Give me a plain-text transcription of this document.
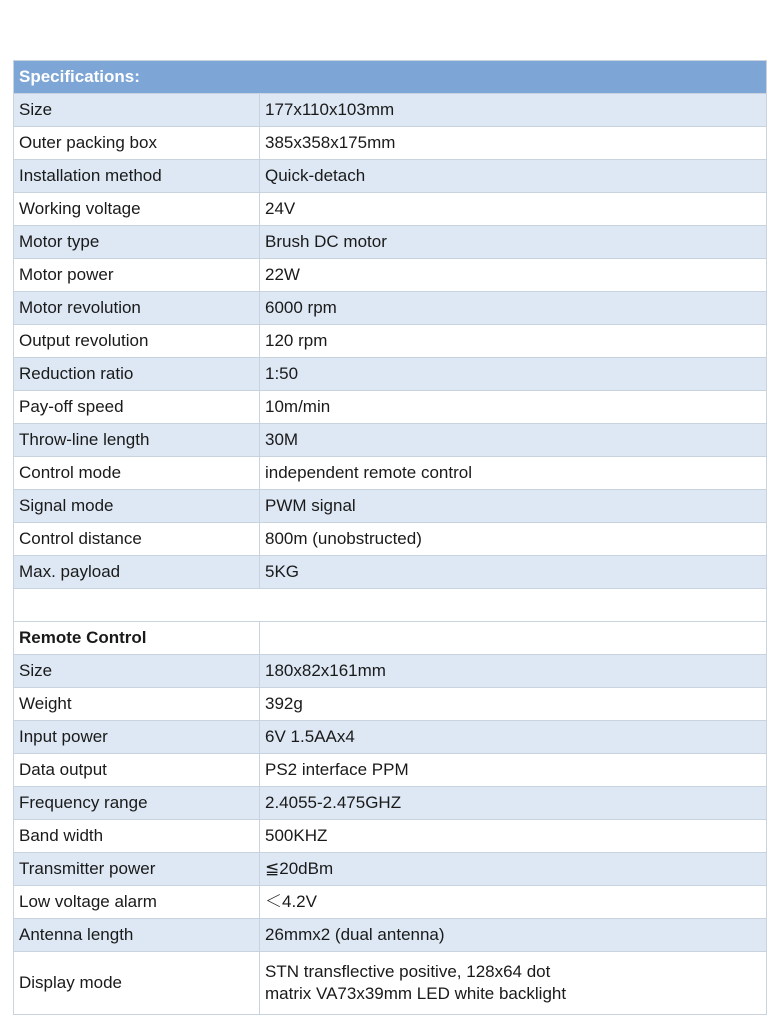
Specifications:	
Size	177x110x103mm
Outer packing box	385x358x175mm
Installation method	Quick-detach
Working voltage	24V
Motor type	Brush DC motor
Motor power	22W
Motor revolution	6000 rpm
Output revolution	120 rpm
Reduction ratio	1:50
Pay-off speed	10m/min
Throw-line length	30M
Control mode	independent remote control
Signal mode	PWM signal
Control distance	800m (unobstructed)
Max. payload	5KG

Remote Control	
Size	180x82x161mm
Weight	392g
Input power	6V 1.5AAx4
Data output	PS2 interface PPM
Frequency range	2.4055-2.475GHZ
Band width	500KHZ
Transmitter power	≦20dBm
Low voltage alarm	＜4.2V
Antenna length	26mmx2 (dual antenna)
Display mode	STN transflective positive, 128x64 dot matrix VA73x39mm LED white backlight
